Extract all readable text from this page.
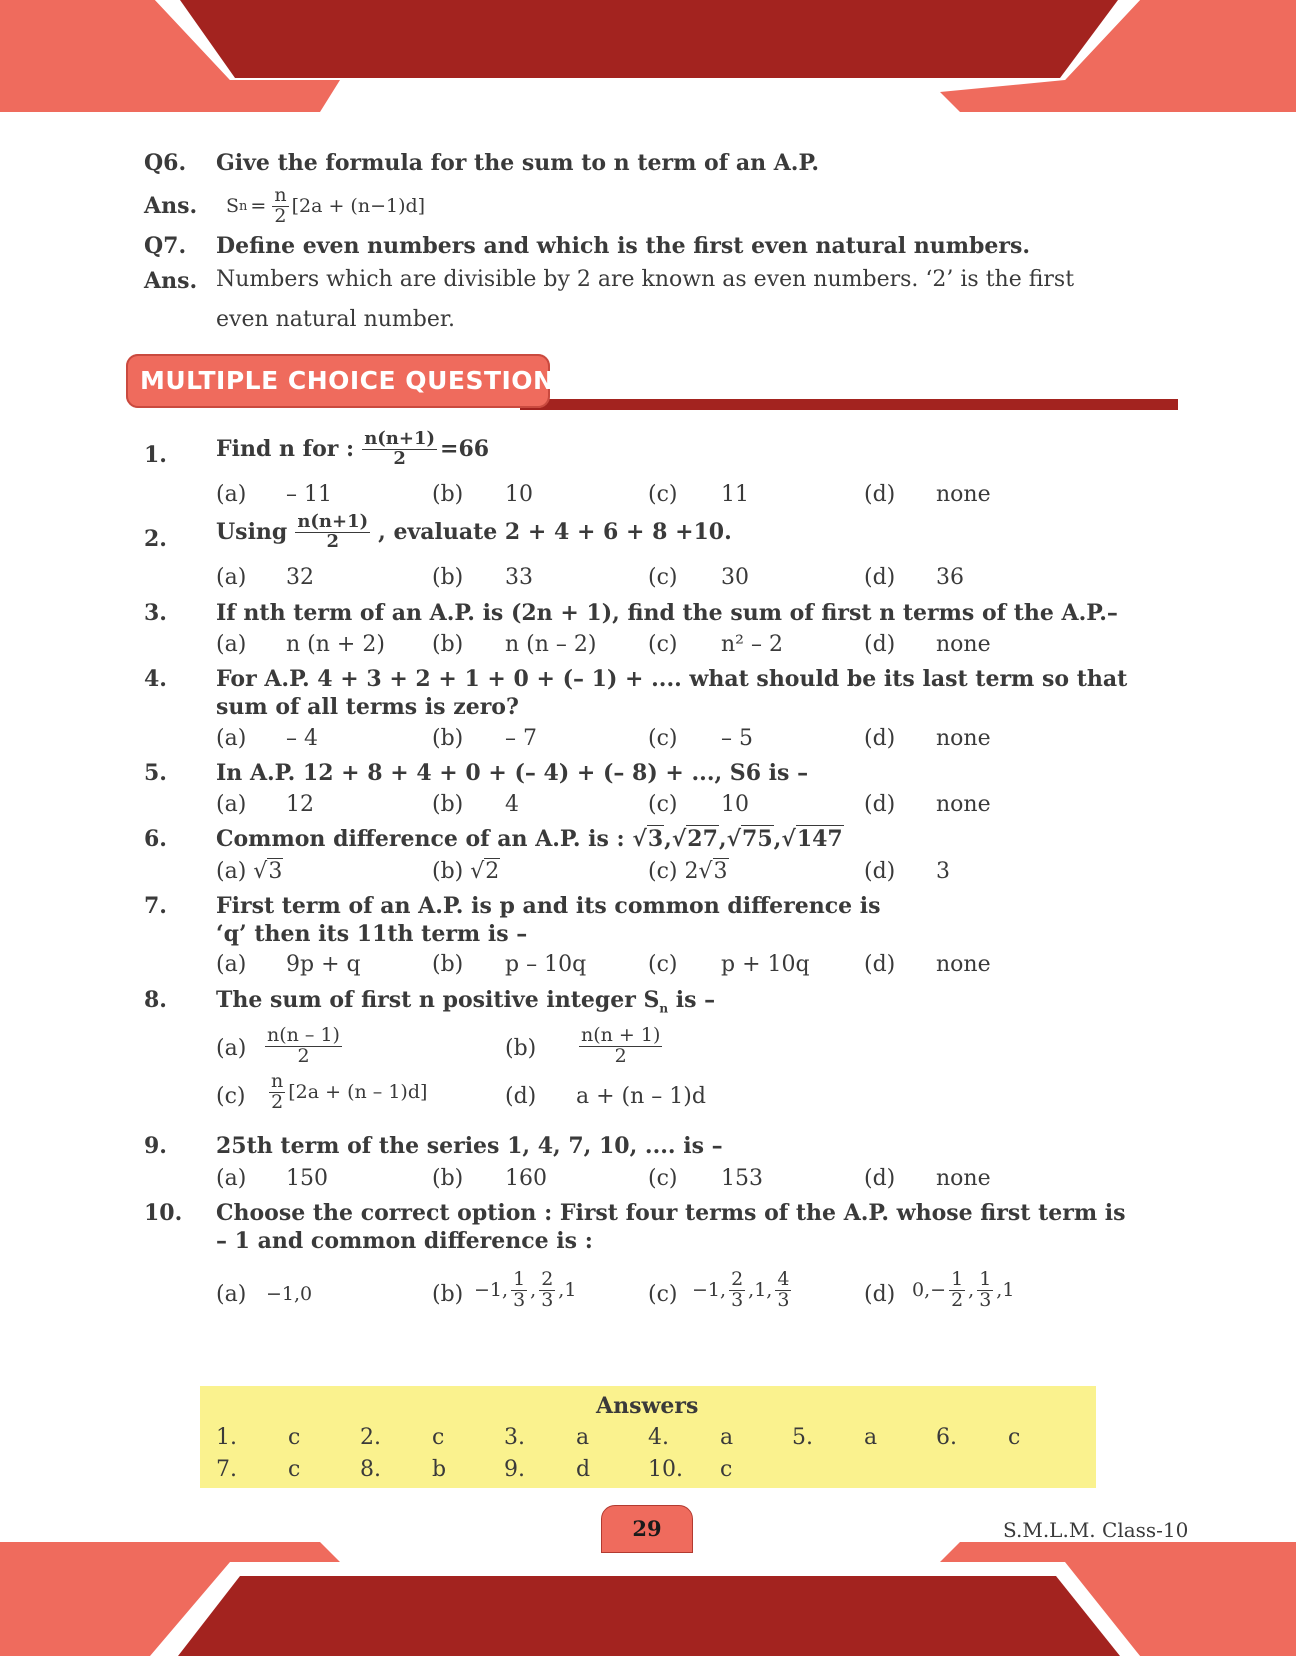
Q6. Give the formula for the sum to n term of an A.P.
Ans. S $n = \frac{n}{2}$ [ 2a + (n−1)d ]
Q7. Define even numbers and which is the first even natural numbers.
Ans. Numbers which are divisible by 2 are known as even numbers. ‘2’ is the first
even natural number.
MULTIPLE CHOICE QUESTIONS
1. Find n for : $\frac{n(n+1)}{2} =66$
(a) – 11	(b) 10	(c) 11	(d) none
2. Using $\frac{n(n+1)}{2}$ , evaluate 2 + 4 + 6 + 8 +10.
(a) 32	(b) 33	(c) 30	(d) 36
3. If nth term of an A.P. is (2n + 1), find the sum of first n terms of the A.P.–
(a) n (n + 2) (b) n (n – 2) (c) n² – 2	(d) none
4. For A.P. 4 + 3 + 2 + 1 + 0 + (– 1) + .... what should be its last term so that
sum of all terms is zero?
(a) – 4	(b) – 7	(c) – 5	(d) none
5. In A.P. 12 + 8 + 4 + 0 + (– 4) + (– 8) + ..., S6 is –
(a) 12	(b) 4	(c) 10	(d) none
6. Common difference of an A.P. is : √3,√27,√75,√147
(a) √3	(b) √2	(c) 2√3	(d) 3
7. First term of an A.P. is p and its common difference is
‘q’ then its 11th term is –
(a) 9p + q	(b) p – 10q	(c) p + 10q (d) none
8. The sum of first n positive integer $S_n$ is –
$(a) \frac{n(n - 1)}{2}$	$(b) \frac{n(n + 1)}{2}$
$(c) \frac{n}{2}$ [ 2a + (n – 1)d ]	(d) a + (n – 1)d
9. 25th term of the series 1, 4, 7, 10, .... is –
(a) 150	(b) 160	(c) 153	(d) none
10. Choose the correct option : First four terms of the A.P. whose first term is
– 1 and common difference is :
(a) −1,0	(b) −1, $\frac{1}{3}$ , $\frac{2}{3} ,1$	(c) −1, $\frac{2}{3} ,1$, $\frac{4}{3}$	(d) $0,- \frac{1}{2}$ , $\frac{1}{3} ,1$
Answers
1. c	2. c	3. a	4. a	5. a	6. c
7. c	8. b	9. d	10. c
29	S.M.L.M. Class-10
